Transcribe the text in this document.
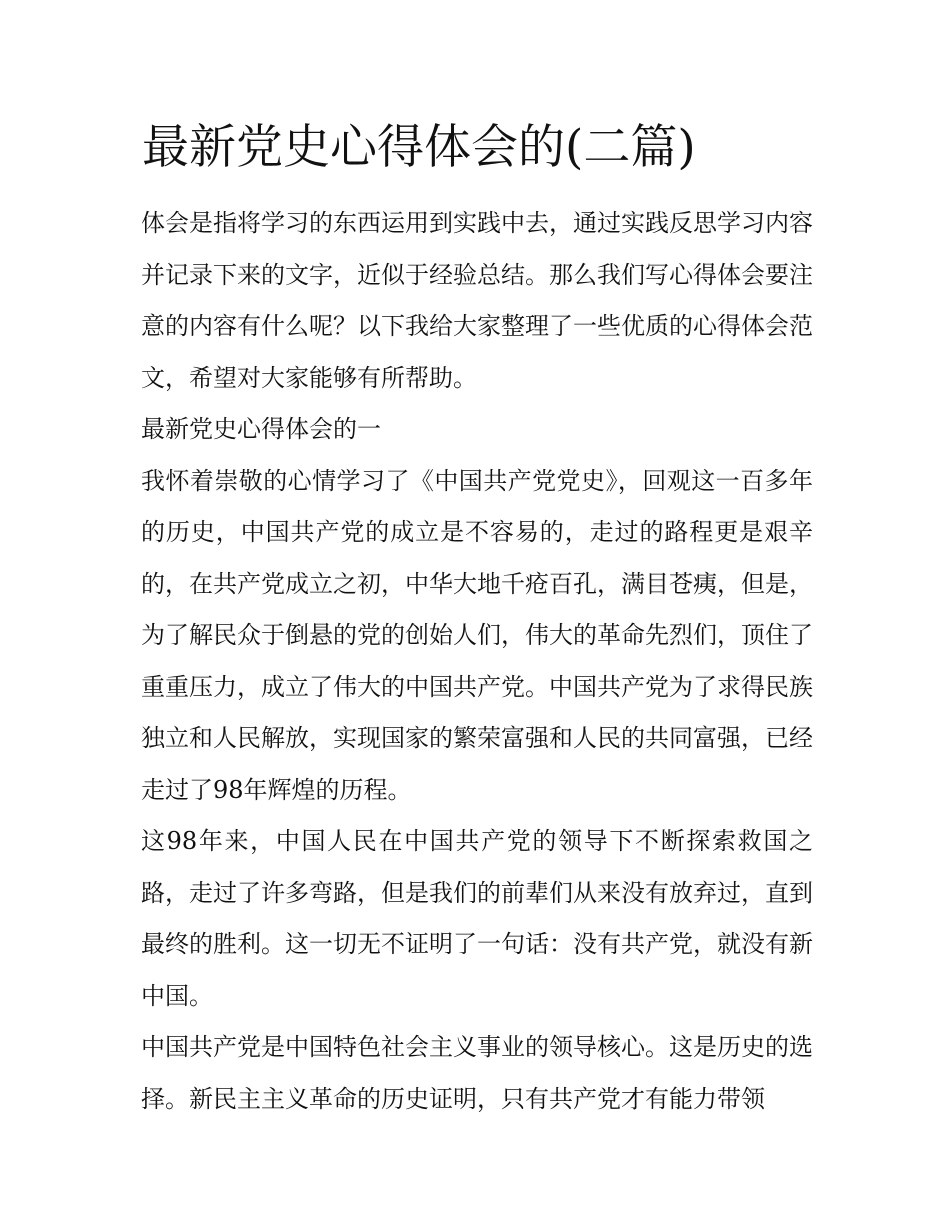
最新党史心得体会的(二篇)

体会是指将学习的东西运用到实践中去，通过实践反思学习内容并记录下来的文字，近似于经验总结。那么我们写心得体会要注意的内容有什么呢？以下我给大家整理了一些优质的心得体会范文，希望对大家能够有所帮助。

最新党史心得体会的一

我怀着崇敬的心情学习了《中国共产党党史》，回观这一百多年的历史，中国共产党的成立是不容易的，走过的路程更是艰辛的，在共产党成立之初，中华大地千疮百孔，满目苍痍，但是，为了解民众于倒悬的党的创始人们，伟大的革命先烈们，顶住了重重压力，成立了伟大的中国共产党。中国共产党为了求得民族独立和人民解放，实现国家的繁荣富强和人民的共同富强，已经走过了98年辉煌的历程。

这98年来，中国人民在中国共产党的领导下不断探索救国之路，走过了许多弯路，但是我们的前辈们从来没有放弃过，直到最终的胜利。这一切无不证明了一句话：没有共产党，就没有新中国。

中国共产党是中国特色社会主义事业的领导核心。这是历史的选择。新民主主义革命的历史证明，只有共产党才有能力带领
